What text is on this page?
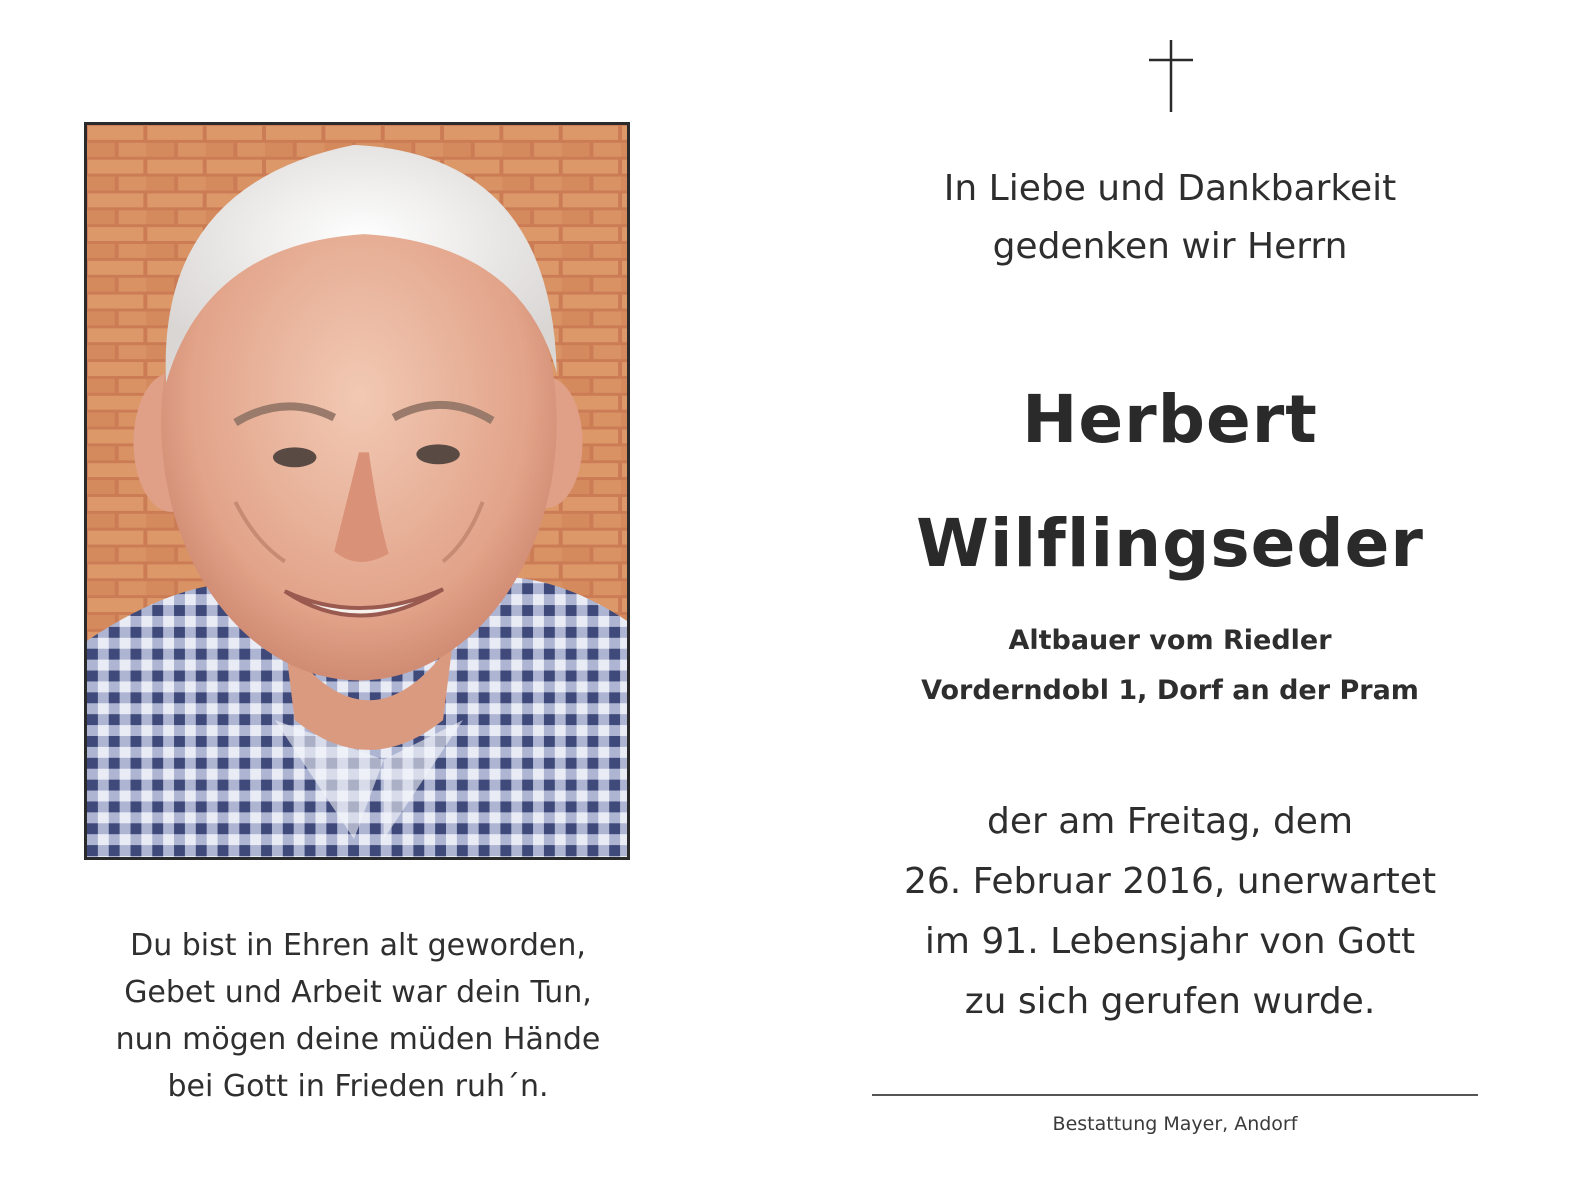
Du bist in Ehren alt geworden,
Gebet und Arbeit war dein Tun,
nun mögen deine müden Hände
bei Gott in Frieden ruh´n.
In Liebe und Dankbarkeit
gedenken wir Herrn
Herbert
Wilflingseder
Altbauer vom Riedler
Vorderndobl 1, Dorf an der Pram
der am Freitag, dem
26. Februar 2016, unerwartet
im 91. Lebensjahr von Gott
zu sich gerufen wurde.
Bestattung Mayer, Andorf
